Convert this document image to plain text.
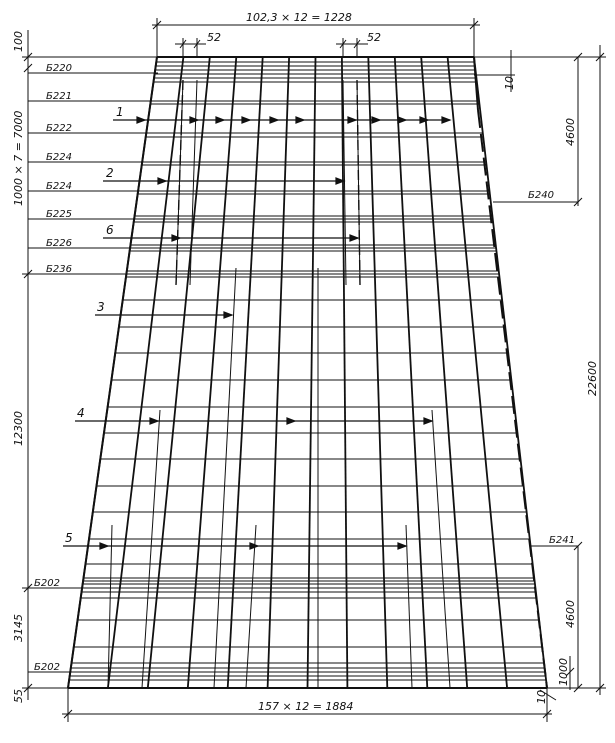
102,3 × 12 = 1228
52	52
157 × 12 = 1884
100
1000 × 7 = 7000
12300
3145
55
10
4600
22600
4600
1000
10
Б220
Б221
Б222
Б224
Б224
Б225
Б226
Б236
Б202
Б202
Б240
Б241
1
2
6
3
4
5
